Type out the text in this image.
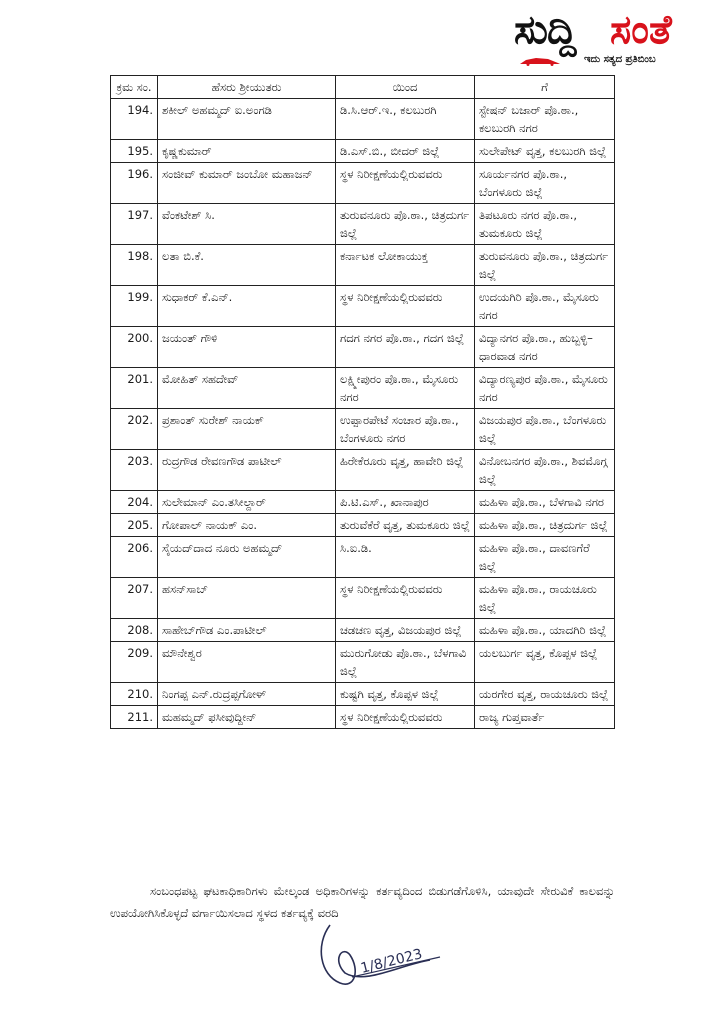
ಸುದ್ದಿ ಸಂತೆ
ಇದು ಸತ್ಯದ ಪ್ರತಿಬಿಂಬ
ಕ್ರಮ ಸಂ.	ಹೆಸರು ಶ್ರೀಯುತರು	ಯಿಂದ	ಗೆ
194.	ಶಕೀಲ್ ಅಹಮ್ಮದ್ ಐ.ಅಂಗಡಿ	ಡಿ.ಸಿ.ಆರ್.ಇ., ಕಲಬುರಗಿ	ಸ್ಟೇಷನ್ ಬಜಾರ್ ಪೊ.ಠಾ., ಕಲಬುರಗಿ ನಗರ
195.	ಕೃಷ್ಣಕುಮಾರ್	ಡಿ.ಎಸ್.ಬಿ., ಬೀದರ್ ಜಿಲ್ಲೆ	ಸುಲೇಪೇಟ್ ವೃತ್ತ, ಕಲಬುರಗಿ ಜಿಲ್ಲೆ
196.	ಸಂಜೀವ್ ಕುಮಾರ್ ಜಂಬೋ ಮಹಾಜನ್	ಸ್ಥಳ ನಿರೀಕ್ಷಣೆಯಲ್ಲಿರುವವರು	ಸೂರ್ಯನಗರ ಪೊ.ಠಾ., ಬೆಂಗಳೂರು ಜಿಲ್ಲೆ
197.	ವೆಂಕಟೇಶ್ ಸಿ.	ತುರುವನೂರು ಪೊ.ಠಾ., ಚಿತ್ರದುರ್ಗ ಜಿಲ್ಲೆ	ತಿಪಟೂರು ನಗರ ಪೊ.ಠಾ., ತುಮಕೂರು ಜಿಲ್ಲೆ
198.	ಲತಾ ಬಿ.ಕೆ.	ಕರ್ನಾಟಕ ಲೋಕಾಯುಕ್ತ	ತುರುವನೂರು ಪೊ.ಠಾ., ಚಿತ್ರದುರ್ಗ ಜಿಲ್ಲೆ
199.	ಸುಧಾಕರ್ ಕೆ.ಎನ್.	ಸ್ಥಳ ನಿರೀಕ್ಷಣೆಯಲ್ಲಿರುವವರು	ಉದಯಗಿರಿ ಪೊ.ಠಾ., ಮೈಸೂರು ನಗರ
200.	ಜಯಂತ್ ಗೌಳಿ	ಗದಗ ನಗರ ಪೊ.ಠಾ., ಗದಗ ಜಿಲ್ಲೆ	ವಿದ್ಯಾನಗರ ಪೊ.ಠಾ., ಹುಬ್ಬಳ್ಳಿ–ಧಾರವಾಡ ನಗರ
201.	ಮೋಹಿತ್ ಸಹದೇವ್	ಲಕ್ಷ್ಮೀಪುರಂ ಪೊ.ಠಾ., ಮೈಸೂರು ನಗರ	ವಿದ್ಯಾರಣ್ಯಪುರ ಪೊ.ಠಾ., ಮೈಸೂರು ನಗರ
202.	ಪ್ರಶಾಂತ್ ಸುರೇಶ್ ನಾಯಕ್	ಉಪ್ಪಾರಪೇಟೆ ಸಂಚಾರ ಪೊ.ಠಾ., ಬೆಂಗಳೂರು ನಗರ	ವಿಜಯಪುರ ಪೊ.ಠಾ., ಬೆಂಗಳೂರು ಜಿಲ್ಲೆ
203.	ರುದ್ರಗೌಡ ರೇವಣಗೌಡ ಪಾಟೀಲ್	ಹಿರೇಕೆರೂರು ವೃತ್ತ, ಹಾವೇರಿ ಜಿಲ್ಲೆ	ವಿನೋಬನಗರ ಪೊ.ಠಾ., ಶಿವಮೊಗ್ಗ ಜಿಲ್ಲೆ
204.	ಸುಲೇಮಾನ್ ಎಂ.ತಸೀಲ್ದಾರ್	ಪಿ.ಟಿ.ಎಸ್., ಖಾನಾಪುರ	ಮಹಿಳಾ ಪೊ.ಠಾ., ಬೆಳಗಾವಿ ನಗರ
205.	ಗೋಪಾಲ್ ನಾಯಕ್ ಎಂ.	ತುರುವೆಕೆರೆ ವೃತ್ತ, ತುಮಕೂರು ಜಿಲ್ಲೆ	ಮಹಿಳಾ ಪೊ.ಠಾ., ಚಿತ್ರದುರ್ಗ ಜಿಲ್ಲೆ
206.	ಸೈಯದ್‌ದಾದ ನೂರು ಅಹಮ್ಮದ್	ಸಿ.ಐ.ಡಿ.	ಮಹಿಳಾ ಪೊ.ಠಾ., ದಾವಣಗೆರೆ ಜಿಲ್ಲೆ
207.	ಹಸನ್‌ಸಾಬ್	ಸ್ಥಳ ನಿರೀಕ್ಷಣೆಯಲ್ಲಿರುವವರು	ಮಹಿಳಾ ಪೊ.ಠಾ., ರಾಯಚೂರು ಜಿಲ್ಲೆ
208.	ಸಾಹೇಬ್‌ಗೌಡ ಎಂ.ಪಾಟೀಲ್	ಚಡಚಣ ವೃತ್ತ, ವಿಜಯಪುರ ಜಿಲ್ಲೆ	ಮಹಿಳಾ ಪೊ.ಠಾ., ಯಾದಗಿರಿ ಜಿಲ್ಲೆ
209.	ಮೌನೇಶ್ವರ	ಮುರುಗೋಡು ಪೊ.ಠಾ., ಬೆಳಗಾವಿ ಜಿಲ್ಲೆ	ಯಲಬುರ್ಗ ವೃತ್ತ, ಕೊಪ್ಪಳ ಜಿಲ್ಲೆ
210.	ನಿಂಗಪ್ಪ ಎನ್.ರುದ್ರಪ್ಪಗೋಳ್	ಕುಷ್ಟಗಿ ವೃತ್ತ, ಕೊಪ್ಪಳ ಜಿಲ್ಲೆ	ಯರಗೇರ ವೃತ್ತ, ರಾಯಚೂರು ಜಿಲ್ಲೆ
211.	ಮಹಮ್ಮದ್ ಫಸೀವುದ್ದೀನ್	ಸ್ಥಳ ನಿರೀಕ್ಷಣೆಯಲ್ಲಿರುವವರು	ರಾಜ್ಯ ಗುಪ್ತವಾರ್ತೆ

ಸಂಬಂಧಪಟ್ಟ ಘಟಕಾಧಿಕಾರಿಗಳು ಮೇಲ್ಕಂಡ ಅಧಿಕಾರಿಗಳನ್ನು ಕರ್ತವ್ಯದಿಂದ ಬಿಡುಗಡೆಗೊಳಿಸಿ, ಯಾವುದೇ ಸೇರುವಿಕೆ ಕಾಲವನ್ನು ಉಪಯೋಗಿಸಿಕೊಳ್ಳದೆ ವರ್ಗಾಯಿಸಲಾದ ಸ್ಥಳದ ಕರ್ತವ್ಯಕ್ಕೆ ವರದಿ

1/8/2023
